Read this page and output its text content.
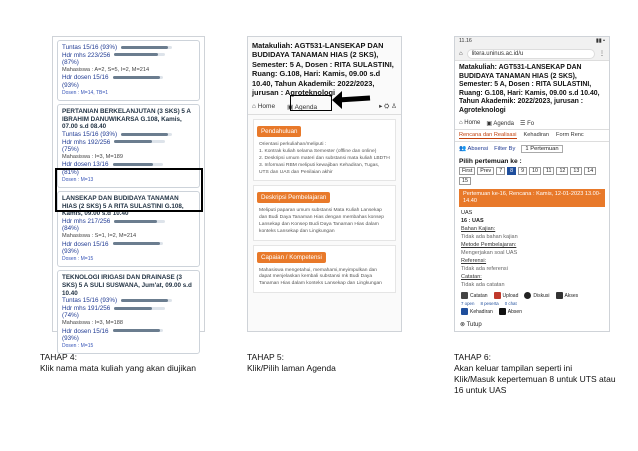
Tuntas 15/16 (93%)
Hdr mhs 223/256
(87%)
Mahasiswa : A=2, S=5, I=2, M=214
Hdr dosen 15/16
(93%)
Dosen : M=14, TB=1
PERTANIAN BERKELANJUTAN (3 SKS) 5 A IBRAHIM DANUWIKARSA G.108, Kamis, 07.00 s.d 08.40
Tuntas 15/16 (93%)
Hdr mhs 192/256
(75%)
Mahasiswa : I=3, M=189
Hdr dosen 13/16
(81%)
Dosen : M=13
LANSEKAP DAN BUDIDAYA TANAMAN HIAS (2 SKS) 5 A RITA SULASTINI G.108, Kamis, 09.00 s.d 10.40
Hdr mhs 217/256
(84%)
Mahasiswa : S=1, I=2, M=214
Hdr dosen 15/16
(93%)
Dosen : M=15
TEKNOLOGI IRIGASI DAN DRAINASE (3 SKS) 5 A SULI SUSWANA, Jum'at, 09.00 s.d 10.40
Tuntas 15/16 (93%)
Hdr mhs 191/256
(74%)
Mahasiswa : I=3, M=188
Hdr dosen 15/16
(93%)
Dosen : M=15
Matakuliah: AGT531-LANSEKAP DAN BUDIDAYA TANAMAN HIAS (2 SKS), Semester: 5 A, Dosen : RITA SULASTINI, Ruang: G.108, Hari: Kamis, 09.00 s.d 10.40, Tahun Akademik: 2022/2023, jurusan : Agroteknologi
⌂ Home ▣ Agenda	▸ ⛭ ♙
Pendahuluan
Orientasi perkuliahan/meliputi :
1. Kontrak kuliah selama Semester (offline dan online)
2. Deskripsi umum materi dan substansi mata kuliah LBDTH
3. Informasi RBM meliputi kewajiban Kehadiran, Tugas, UTS dan UAS dan Penilaian akhir
Deskripsi Pembelajaran
Meliputi paparan umum substansi Mata Kuliah Lansekap dan Budi Daya Tanaman Hias dengan membahas konsep Lansekap dan Konsep Budi Daya Tanaman Hias dalam konteks Lansekap dan Lingkungan
Capaian / Kompetensi
Mahasiswa mengetahui, memahami,meyimpulkan dan dapat menjelaskan kembali substansi mk Budi Daya Tanaman Hias dalam konteks Lansekap dan Lingkungan
11.16	▮▮ ▪
⌂	litera.uninus.ac.id/u	⋮
Matakuliah: AGT531-LANSEKAP DAN BUDIDAYA TANAMAN HIAS (2 SKS), Semester: 5 A, Dosen : RITA SULASTINI, Ruang: G.108, Hari: Kamis, 09.00 s.d 10.40, Tahun Akademik: 2022/2023, jurusan : Agroteknologi
⌂ Home ▣ Agenda ☰ Fo
Rencana dan Realisasi Kehadiran Form Renc
👥 Absensi Filter By	1 Pertemuan
Pilih pertemuan ke :
First	Prev	7	8	9	10	11	12	13	14
15
Pertemuan ke-16, Rencana : Kamis, 12-01-2023 13.00-14.40
UAS
16 : UAS
Bahan Kajian:
Tidak ada bahan kajian
Metode Pembelajaran:
Mengerjakan soal UAS
Referensi:
Tidak ada referensi
Catatan:
Tidak ada catatan
Catatan	Upload	Diskusi	Akses
7 open 8 peserta 0 chat
Kehadiran	Absen
⊗ Tutup
TAHAP 4:
Klik nama mata kuliah yang akan diujikan
TAHAP 5:
Klik/Pilih laman Agenda
TAHAP 6:
Akan keluar tampilan seperti ini
Klik/Masuk kepertemuan 8 untuk UTS atau
16 untuk UAS
